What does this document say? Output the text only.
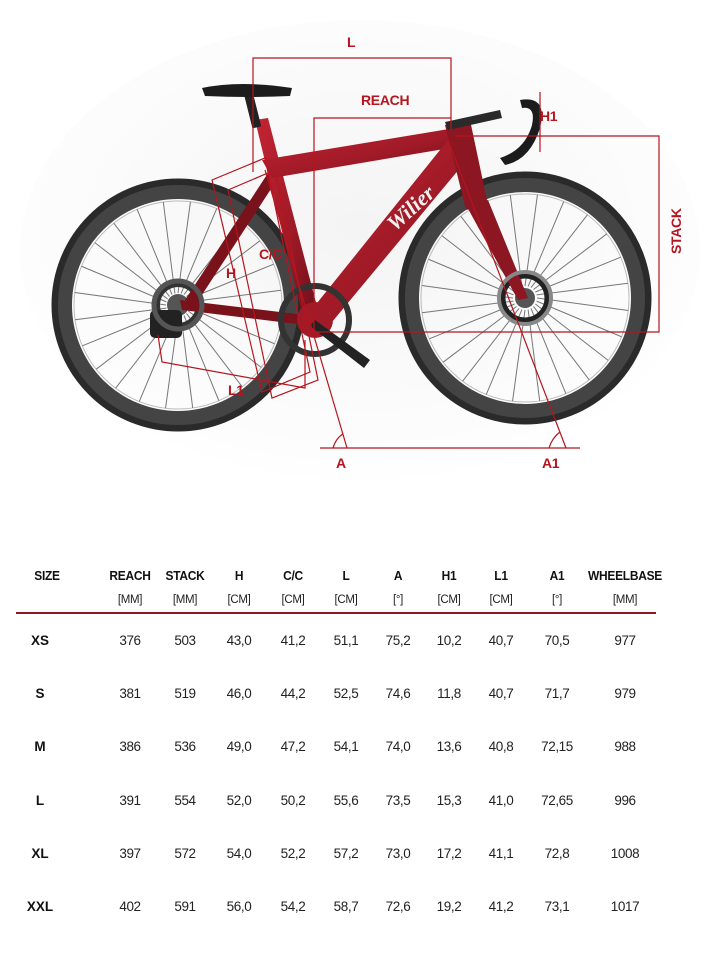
Wilier
L
REACH
H1
STACK
C/C
H
L1
A	A1
SIZE	REACH STACK H	C/C	L	A	H1	L1	A1 WHEELBASE
[MM]	[MM]	[CM]	[CM]	[CM]	[°]	[CM]	[CM]	[°]	[MM]
XS	376 503 43,0 41,2 51,1 75,2 10,2 40,7 70,5	977
S	381 519 46,0 44,2 52,5 74,6 11,8 40,7 71,7	979
M	386 536 49,0 47,2 54,1 74,0 13,6 40,8 72,15	988
L	391 554 52,0 50,2 55,6 73,5 15,3 41,0 72,65	996
XL	397 572 54,0 52,2 57,2 73,0 17,2 41,1 72,8	1008
XXL	402 591 56,0 54,2 58,7 72,6 19,2 41,2 73,1	1017
